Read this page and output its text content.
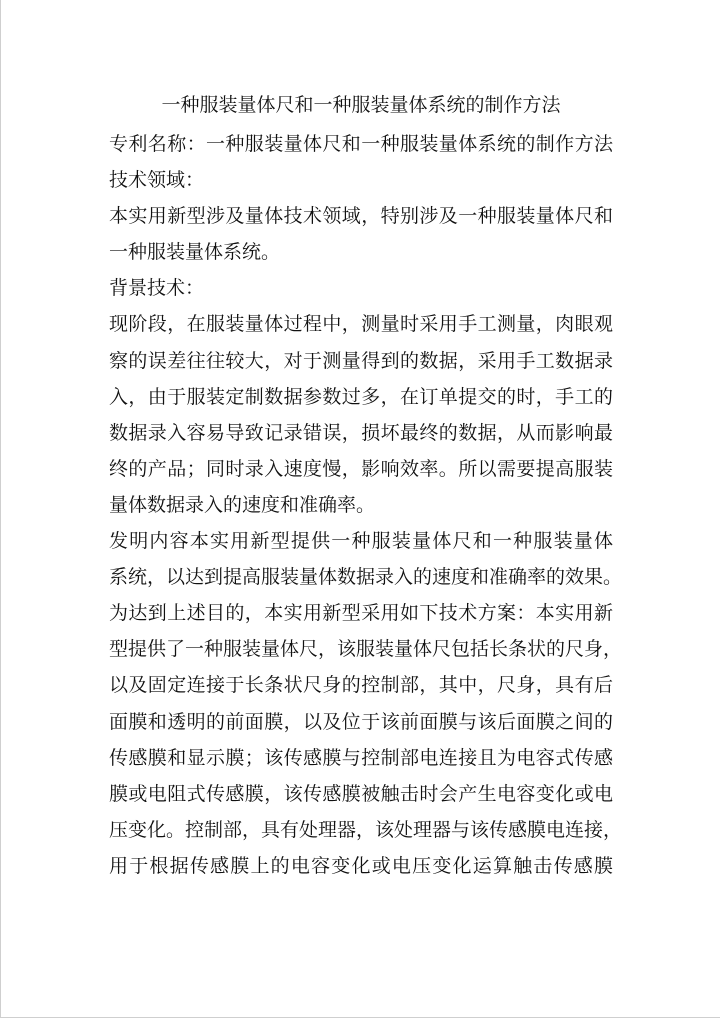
一种服装量体尺和一种服装量体系统的制作方法
专利名称：一种服装量体尺和一种服装量体系统的制作方法
技术领域：
本实用新型涉及量体技术领域，特别涉及一种服装量体尺和
一种服装量体系统。
背景技术：
现阶段，在服装量体过程中，测量时采用手工测量，肉眼观
察的误差往往较大，对于测量得到的数据，采用手工数据录
入，由于服装定制数据参数过多，在订单提交的时，手工的
数据录入容易导致记录错误，损坏最终的数据，从而影响最
终的产品；同时录入速度慢，影响效率。所以需要提高服装
量体数据录入的速度和准确率。
发明内容本实用新型提供一种服装量体尺和一种服装量体
系统，以达到提高服装量体数据录入的速度和准确率的效果。
为达到上述目的，本实用新型采用如下技术方案：本实用新
型提供了一种服装量体尺，该服装量体尺包括长条状的尺身，
以及固定连接于长条状尺身的控制部，其中，尺身，具有后
面膜和透明的前面膜，以及位于该前面膜与该后面膜之间的
传感膜和显示膜；该传感膜与控制部电连接且为电容式传感
膜或电阻式传感膜，该传感膜被触击时会产生电容变化或电
压变化。控制部，具有处理器，该处理器与该传感膜电连接，
用于根据传感膜上的电容变化或电压变化运算触击传感膜
